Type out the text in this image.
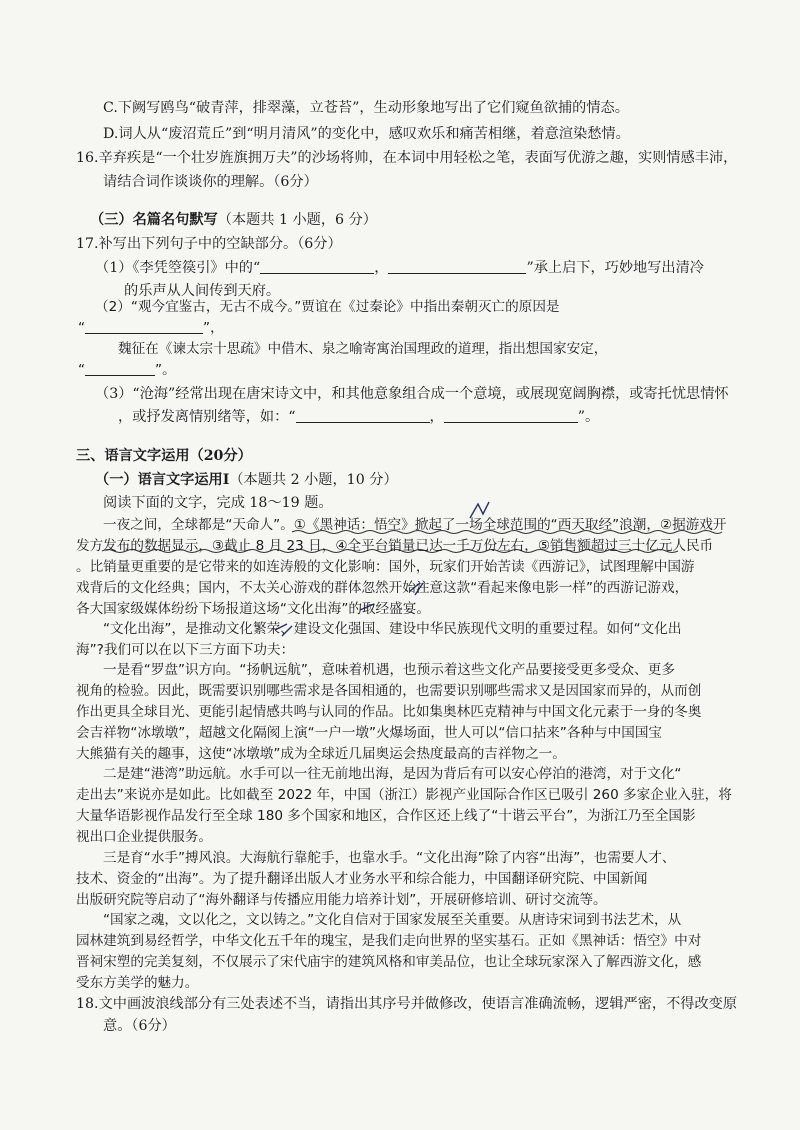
C.下阙写鸥鸟“破青萍，排翠藻，立苍苔”，生动形象地写出了它们窥鱼欲捕的情态。
D.词人从“废沼荒丘”到“明月清风”的变化中，感叹欢乐和痛苦相继，着意渲染愁情。
16.辛弃疾是“一个壮岁旌旗拥万夫”的沙场将帅，在本词中用轻松之笔，表面写优游之趣，实则情感丰沛，
请结合词作谈谈你的理解。（6分）
（三）名篇名句默写（本题共 1 小题，6 分）
17.补写出下列句子中的空缺部分。（6分）
（1）《李凭箜篌引》中的“	，	”承上启下，巧妙地写出清冷
的乐声从人间传到天府。
（2）“观今宜鉴古，无古不成今。”贾谊在《过秦论》中指出秦朝灭亡的原因是
“	”，
魏征在《谏太宗十思疏》中借木、泉之喻寄寓治国理政的道理，指出想国家安定，
“	”。
（3）“沧海”经常出现在唐宋诗文中，和其他意象组合成一个意境，或展现宽阔胸襟，或寄托忧思情怀
，或抒发离情别绪等，如：“	，	”。
三、语言文字运用（20分）
（一）语言文字运用Ⅰ（本题共 2 小题，10 分）
阅读下面的文字，完成 18～19 题。
一夜之间，全球都是“天命人”。①《黑神话：悟空》掀起了一场全球范围的“西天取经”浪潮，②据游戏开
发方发布的数据显示，③截止 8 月 23 日，④全平台销量已达一千万份左右，⑤销售额超过三十亿元人民币
。比销量更重要的是它带来的如连涛般的文化影响：国外，玩家们开始苦读《西游记》，试图理解中国游
戏背后的文化经典；国内，不太关心游戏的群体忽然开始注意这款“看起来像电影一样”的西游记游戏，
各大国家级媒体纷纷下场报道这场“文化出海”的取经盛宴。
“文化出海”，是推动文化繁荣、建设文化强国、建设中华民族现代文明的重要过程。如何“文化出
海”?我们可以在以下三方面下功夫：
一是看“罗盘”识方向。“扬帆远航”，意味着机遇，也预示着这些文化产品要接受更多受众、更多
视角的检验。因此，既需要识别哪些需求是各国相通的，也需要识别哪些需求又是因国家而异的，从而创
作出更具全球目光、更能引起情感共鸣与认同的作品。比如集奥林匹克精神与中国文化元素于一身的冬奥
会吉祥物“冰墩墩”，超越文化隔阂上演“一户一墩”火爆场面，世人可以“信口拈来”各种与中国国宝
大熊猫有关的趣事，这使“冰墩墩”成为全球近几届奥运会热度最高的吉祥物之一。
二是建“港湾”助远航。水手可以一往无前地出海，是因为背后有可以安心停泊的港湾，对于文化“
走出去”来说亦是如此。比如截至 2022 年，中国（浙江）影视产业国际合作区已吸引 260 多家企业入驻，将
大量华语影视作品发行至全球 180 多个国家和地区，合作区还上线了“十谐云平台”，为浙江乃至全国影
视出口企业提供服务。
三是育“水手”搏风浪。大海航行靠舵手，也靠水手。“文化出海”除了内容“出海”，也需要人才、
技术、资金的“出海”。为了提升翻译出版人才业务水平和综合能力，中国翻译研究院、中国新闻
出版研究院等启动了“海外翻译与传播应用能力培养计划”，开展研修培训、研讨交流等。
“国家之魂，文以化之，文以铸之。”文化自信对于国家发展至关重要。从唐诗宋词到书法艺术，从
园林建筑到易经哲学，中华文化五千年的瑰宝，是我们走向世界的坚实基石。正如《黑神话：悟空》中对
晋祠宋塑的完美复刻，不仅展示了宋代庙宇的建筑风格和审美品位，也让全球玩家深入了解西游文化，感
受东方美学的魅力。
18.文中画波浪线部分有三处表述不当，请指出其序号并做修改，使语言准确流畅，逻辑严密，不得改变原
意。（6分）
